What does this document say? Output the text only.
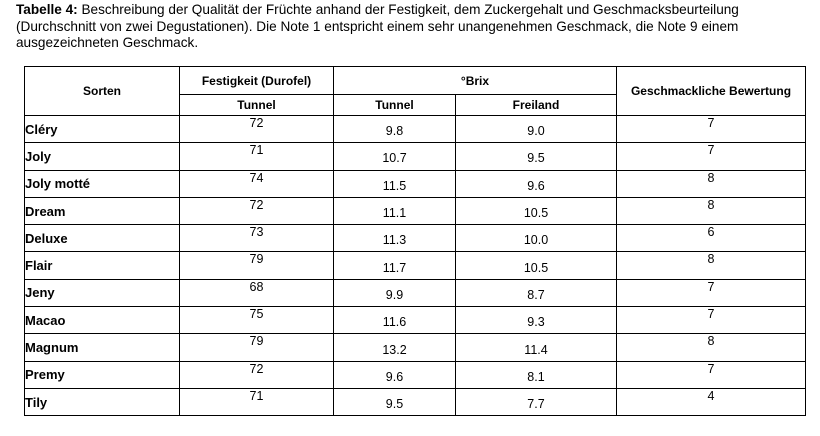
Tabelle 4: Beschreibung der Qualität der Früchte anhand der Festigkeit, dem Zuckergehalt und Geschmacksbeurteilung (Durchschnitt von zwei Degustationen). Die Note 1 entspricht einem sehr unangenehmen Geschmack, die Note 9 einem ausgezeichneten Geschmack.
Sorten	Festigkeit (Durofel)	°Brix		Geschmackliche Bewertung
	Tunnel	Tunnel	Freiland	
Cléry	72	9.8	9.0	7
Joly	71	10.7	9.5	7
Joly motté	74	11.5	9.6	8
Dream	72	11.1	10.5	8
Deluxe	73	11.3	10.0	6
Flair	79	11.7	10.5	8
Jeny	68	9.9	8.7	7
Macao	75	11.6	9.3	7
Magnum	79	13.2	11.4	8
Premy	72	9.6	8.1	7
Tily	71	9.5	7.7	4
